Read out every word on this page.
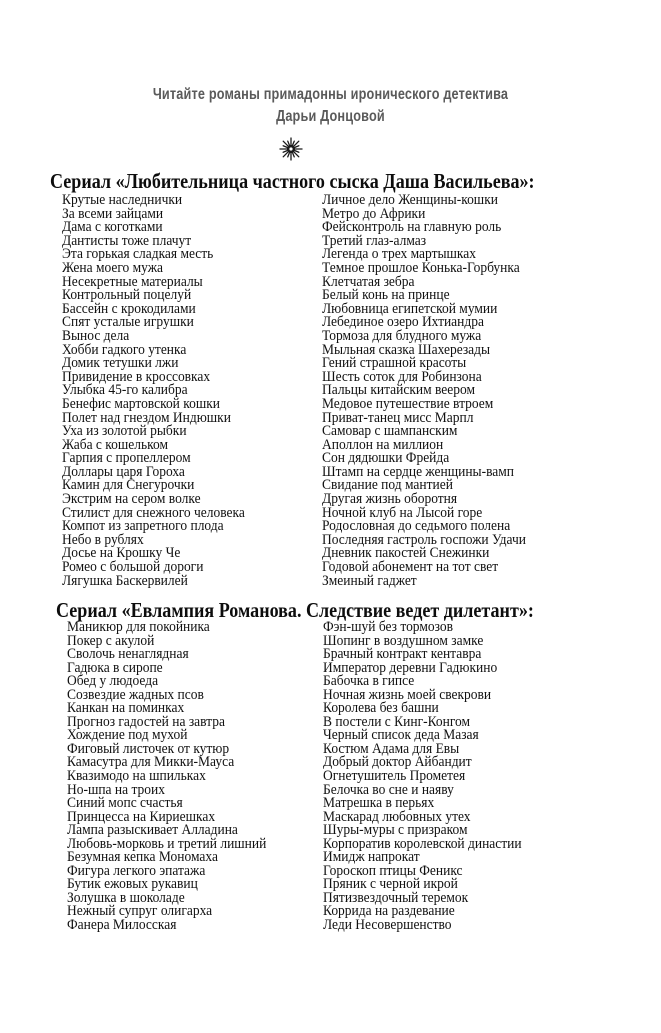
Читайте романы примадонны иронического детектива
Дарьи Донцовой
Сериал «Любительница частного сыска Даша Васильева»:
Крутые наследнички
За всеми зайцами
Дама с коготками
Дантисты тоже плачут
Эта горькая сладкая месть
Жена моего мужа
Несекретные материалы
Контрольный поцелуй
Бассейн с крокодилами
Спят усталые игрушки
Вынос дела
Хобби гадкого утенка
Домик тетушки лжи
Привидение в кроссовках
Улыбка 45-го калибра
Бенефис мартовской кошки
Полет над гнездом Индюшки
Уха из золотой рыбки
Жаба с кошельком
Гарпия с пропеллером
Доллары царя Гороха
Камин для Снегурочки
Экстрим на сером волке
Стилист для снежного человека
Компот из запретного плода
Небо в рублях
Досье на Крошку Че
Ромео с большой дороги
Лягушка Баскервилей
Личное дело Женщины-кошки
Метро до Африки
Фейсконтроль на главную роль
Третий глаз-алмаз
Легенда о трех мартышках
Темное прошлое Конька-Горбунка
Клетчатая зебра
Белый конь на принце
Любовница египетской мумии
Лебединое озеро Ихтиандра
Тормоза для блудного мужа
Мыльная сказка Шахерезады
Гений страшной красоты
Шесть соток для Робинзона
Пальцы китайским веером
Медовое путешествие втроем
Приват-танец мисс Марпл
Самовар с шампанским
Аполлон на миллион
Сон дядюшки Фрейда
Штамп на сердце женщины-вамп
Свидание под мантией
Другая жизнь оборотня
Ночной клуб на Лысой горе
Родословная до седьмого полена
Последняя гастроль госпожи Удачи
Дневник пакостей Снежинки
Годовой абонемент на тот свет
Змеиный гаджет
Сериал «Евлампия Романова. Следствие ведет дилетант»:
Маникюр для покойника
Покер с акулой
Сволочь ненаглядная
Гадюка в сиропе
Обед у людоеда
Созвездие жадных псов
Канкан на поминках
Прогноз гадостей на завтра
Хождение под мухой
Фиговый листочек от кутюр
Камасутра для Микки-Мауса
Квазимодо на шпильках
Но-шпа на троих
Синий мопс счастья
Принцесса на Кириешках
Лампа разыскивает Алладина
Любовь-морковь и третий лишний
Безумная кепка Мономаха
Фигура легкого эпатажа
Бутик ежовых рукавиц
Золушка в шоколаде
Нежный супруг олигарха
Фанера Милосская
Фэн-шуй без тормозов
Шопинг в воздушном замке
Брачный контракт кентавра
Император деревни Гадюкино
Бабочка в гипсе
Ночная жизнь моей свекрови
Королева без башни
В постели с Кинг-Конгом
Черный список деда Мазая
Костюм Адама для Евы
Добрый доктор Айбандит
Огнетушитель Прометея
Белочка во сне и наяву
Матрешка в перьях
Маскарад любовных утех
Шуры-муры с призраком
Корпоратив королевской династии
Имидж напрокат
Гороскоп птицы Феникс
Пряник с черной икрой
Пятизвездочный теремок
Коррида на раздевание
Леди Несовершенство
